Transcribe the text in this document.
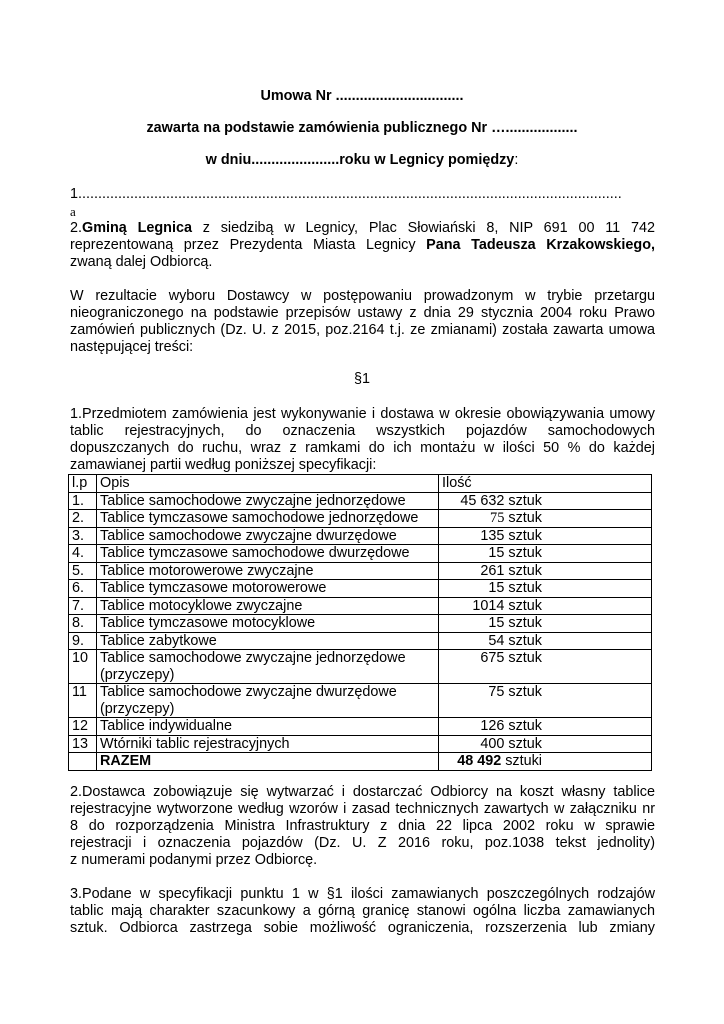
Umowa Nr ................................
zawarta na podstawie zamówienia publicznego Nr …..................
w dniu......................roku w Legnicy pomiędzy:
1........................................................................................................................................
a
2.Gminą Legnica z siedzibą w Legnicy, Plac Słowiański 8, NIP 691 00 11 742
reprezentowaną przez Prezydenta Miasta Legnicy Pana Tadeusza Krzakowskiego,
zwaną dalej Odbiorcą.
W rezultacie wyboru Dostawcy w postępowaniu prowadzonym w trybie przetargu
nieograniczonego na podstawie przepisów ustawy z dnia 29 stycznia 2004 roku Prawo
zamówień publicznych (Dz. U. z 2015, poz.2164 t.j. ze zmianami) została zawarta umowa
następującej treści:
§1
1.Przedmiotem zamówienia jest wykonywanie i dostawa w okresie obowiązywania umowy
tablic rejestracyjnych, do oznaczenia wszystkich pojazdów samochodowych
dopuszczanych do ruchu, wraz z ramkami do ich montażu w ilości 50 % do każdej
zamawianej partii według poniższej specyfikacji:
l.p	Opis	Ilość
1.	Tablice samochodowe zwyczajne jednorzędowe	45 632 sztuk
2.	Tablice tymczasowe samochodowe jednorzędowe	75 sztuk
3.	Tablice samochodowe zwyczajne dwurzędowe	135 sztuk
4.	Tablice tymczasowe samochodowe dwurzędowe	15 sztuk
5.	Tablice motorowerowe zwyczajne	261 sztuk
6.	Tablice tymczasowe motorowerowe	15 sztuk
7.	Tablice motocyklowe zwyczajne	1014 sztuk
8.	Tablice tymczasowe motocyklowe	15 sztuk
9.	Tablice zabytkowe	54 sztuk
10	Tablice samochodowe zwyczajne jednorzędowe
(przyczepy)	675 sztuk
11	Tablice samochodowe zwyczajne dwurzędowe
(przyczepy)	75 sztuk
12	Tablice indywidualne	126 sztuk
13	Wtórniki tablic rejestracyjnych	400 sztuk
	RAZEM	48 492 sztuki
2.Dostawca zobowiązuje się wytwarzać i dostarczać Odbiorcy na koszt własny tablice
rejestracyjne wytworzone według wzorów i zasad technicznych zawartych w załączniku nr
8 do rozporządzenia Ministra Infrastruktury z dnia 22 lipca 2002 roku w sprawie
rejestracji i oznaczenia pojazdów (Dz. U. Z 2016 roku, poz.1038 tekst jednolity)
z numerami podanymi przez Odbiorcę.
3.Podane w specyfikacji punktu 1 w §1 ilości zamawianych poszczególnych rodzajów
tablic mają charakter szacunkowy a górną granicę stanowi ogólna liczba zamawianych
sztuk. Odbiorca zastrzega sobie możliwość ograniczenia, rozszerzenia lub zmiany
